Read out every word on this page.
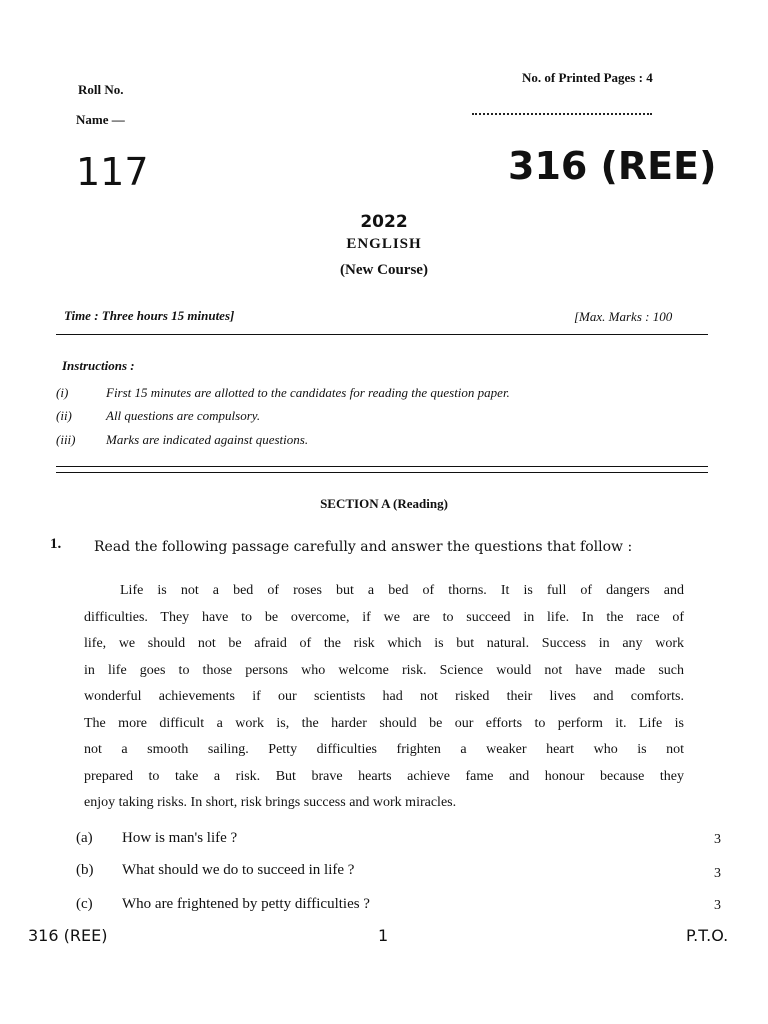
Roll No.
Name —
No. of Printed Pages : 4
117	316 (REE)
2022
ENGLISH
(New Course)
Time : Three hours 15 minutes]	[Max. Marks : 100
Instructions :
(i)	First 15 minutes are allotted to the candidates for reading the question paper.
(ii)	All questions are compulsory.
(iii) Marks are indicated against questions.
SECTION A (Reading)
1. Read the following passage carefully and answer the questions that follow :
Life is not a bed of roses but a bed of thorns. It is full of dangers and
difficulties. They have to be overcome, if we are to succeed in life. In the race of
life, we should not be afraid of the risk which is but natural. Success in any work
in life goes to those persons who welcome risk. Science would not have made such
wonderful achievements if our scientists had not risked their lives and comforts.
The more difficult a work is, the harder should be our efforts to perform it. Life is
not a smooth sailing. Petty difficulties frighten a weaker heart who is not
prepared to take a risk. But brave hearts achieve fame and honour because they
enjoy taking risks. In short, risk brings success and work miracles.
(a) How is man's life ?	3
(b) What should we do to succeed in life ?	3
(c) Who are frightened by petty difficulties ?	3
316 (REE)	1	P.T.O.
